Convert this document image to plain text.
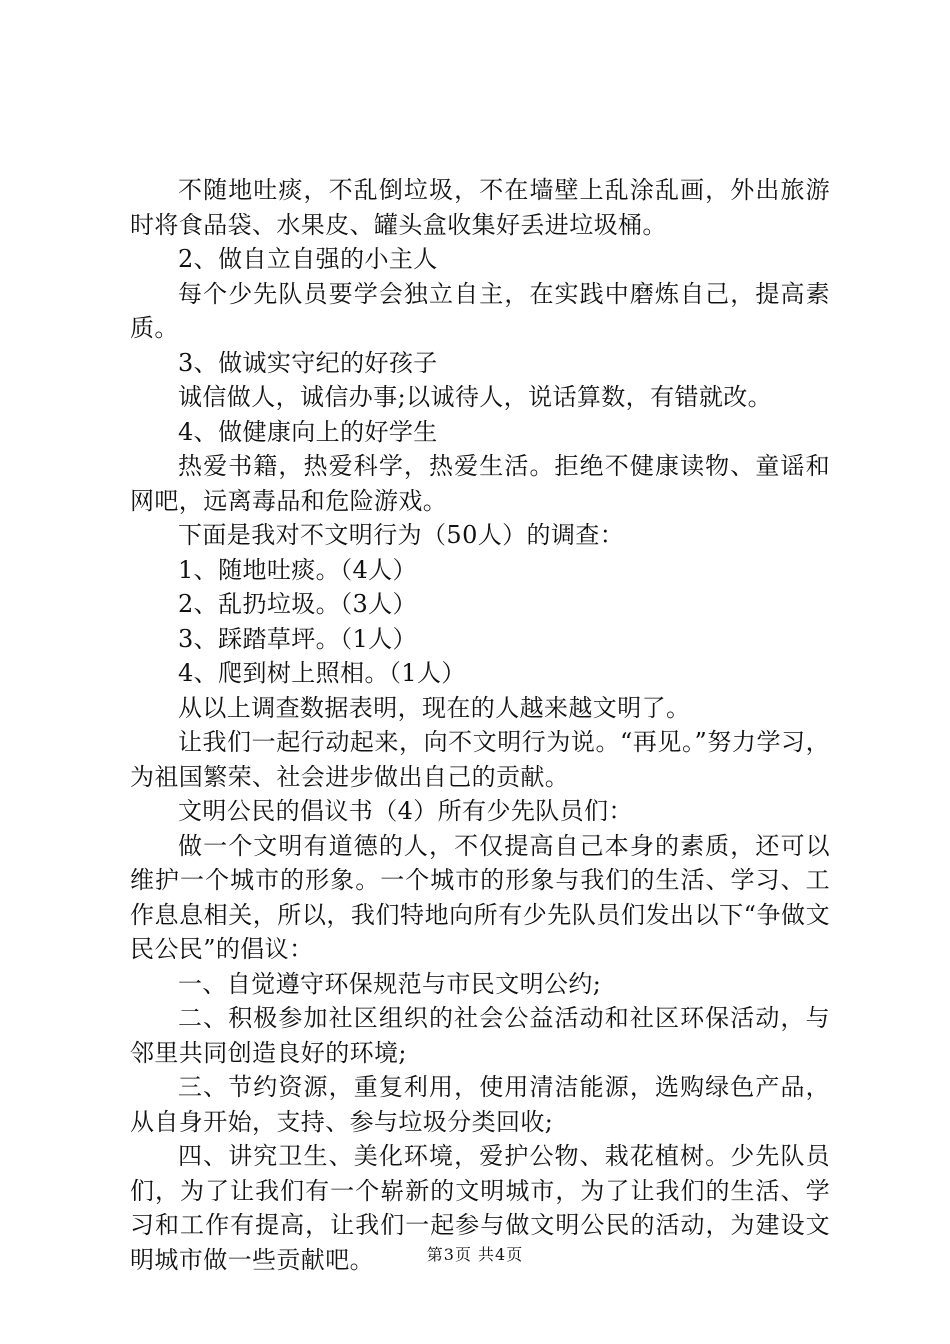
不随地吐痰，不乱倒垃圾，不在墙壁上乱涂乱画，外出旅游时将食品袋、水果皮、罐头盒收集好丢进垃圾桶。

2、做自立自强的小主人

每个少先队员要学会独立自主，在实践中磨炼自己，提高素质。

3、做诚实守纪的好孩子

诚信做人，诚信办事;以诚待人，说话算数，有错就改。

4、做健康向上的好学生

热爱书籍，热爱科学，热爱生活。拒绝不健康读物、童谣和网吧，远离毒品和危险游戏。

下面是我对不文明行为（50人）的调查：

1、随地吐痰。（4人）

2、乱扔垃圾。（3人）

3、踩踏草坪。（1人）

4、爬到树上照相。（1人）

从以上调查数据表明，现在的人越来越文明了。

让我们一起行动起来，向不文明行为说。“再见。”努力学习，为祖国繁荣、社会进步做出自己的贡献。

文明公民的倡议书（4）所有少先队员们：

做一个文明有道德的人，不仅提高自己本身的素质，还可以维护一个城市的形象。一个城市的形象与我们的生活、学习、工作息息相关，所以，我们特地向所有少先队员们发出以下“争做文民公民”的倡议：

一、自觉遵守环保规范与市民文明公约;

二、积极参加社区组织的社会公益活动和社区环保活动，与邻里共同创造良好的环境;

三、节约资源，重复利用，使用清洁能源，选购绿色产品，从自身开始，支持、参与垃圾分类回收;

四、讲究卫生、美化环境，爱护公物、栽花植树。少先队员们，为了让我们有一个崭新的文明城市，为了让我们的生活、学习和工作有提高，让我们一起参与做文明公民的活动，为建设文明城市做一些贡献吧。	第3页 共4页
